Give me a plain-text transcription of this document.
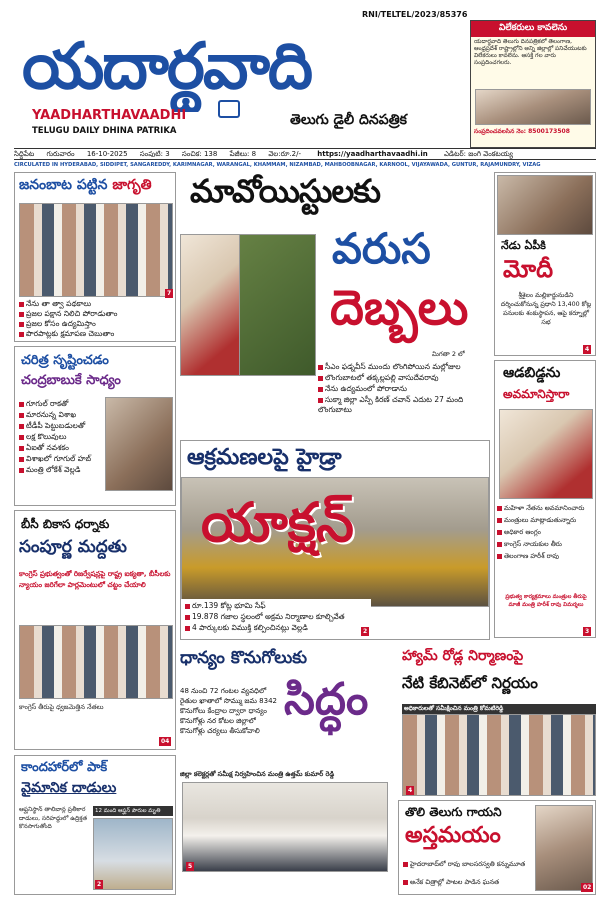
యదార్థవాది
RNI/TELTEL/2023/85376
YAADHARTHAVAADHI
TELUGU DAILY DHINA PATRIKA
తెలుగు డైలీ దినపత్రిక
విలేకరులు కావలెను
యదార్థవాది తెలుగు దినపత్రికలో తెలంగాణ, ఆంధ్రప్రదేశ్ రాష్ట్రాల్లోని అన్ని జిల్లాల్లో పనిచేయుటకు విలేకరులు కావలెను. ఆసక్తి గల వారు సంప్రదించగలరు.
సంప్రదించవలసిన నెం: 8500173508
సిద్దిపేట గురువారం 16-10-2025 సంపుటి: 3 సంచిక: 138 పేజీలు: 8 వెల:రూ.2/- https://yaadharthavaadhi.in ఎడిటర్: జంగి వెంకటయ్య
CIRCULATED IN HYDERABAD, SIDDIPET, SANGAREDDY, KARIMNAGAR, WARANGAL, KHAMMAM, NIZAMBAD, MAHBOOBNAGAR, KARNOOL, VIJAYAWADA, GUNTUR, RAJAMUNDRY, VIZAG
జనంబాట పట్టిన జాగృతి
7
నేను తా త్వా పథకాలు
ప్రజల పక్షాన నిలిచి పోరాడుతాం
ప్రజల కోసం ఉద్యమిస్తాం
పొరపాట్లకు క్షమాపణ చెబుతాం
చరిత్ర సృష్టించడం
చంద్రబాబుకే సాధ్యం
గూగుల్ రాకతో
మారనున్న విశాఖ
టీడీపీ పెట్టుబడులతో
లక్ష కొలువులు
ఏఐతో నవశకం
విశాఖలో గూగుల్ హబ్
మంత్రి లోకేశ్ వెల్లడి
బీసీ బికాస ధర్నాకు
సంపూర్ణ మద్దతు
కాంగ్రెస్ ప్రభుత్వంతో రిజర్వేషన్లపై రాష్ట్ర ఐక్యతా, బీసీలకు న్యాయం జరిగేలా పార్లమెంటులో చట్టం చేయాలి
కాంగ్రెస్ తీరుపై ధ్వజమెత్తిన నేతలు
04
కాందహార్‌లో పాక్
వైమానిక దాడులు
ఆఫ్ఘనిస్థాన్ తాలిబాన్ల ప్రతీకార దాడులు, సరిహద్దులో ఉద్రిక్తత కొనసాగుతోంది
12 మంది ఆఫ్ఘన్ పౌరుల మృతి
2
మావోయిస్టులకు
వరుస
దెబ్బలు
మిగతా 2 లో
సీఎం ఫడ్నవీస్ ముందు లొంగిపోయిన మల్లోజుల
లొంగుబాటలో తక్కల్లపల్లి వాసుదేవరావు
నేను ఉద్యమంలో పోరాడాను
సుక్మా జిల్లా ఎస్పీ కిరణ్ చవాన్ ఎదుట 27 మంది లొంగుబాటు
ఆక్రమణలపై హైడ్రా
యాక్షన్
రూ.139 కోట్ల భూమి సేఫ్
19.878 గజాల స్థలంలో అక్రమ నిర్మాణాల కూల్చివేత
4 పార్కులకు విముక్తి కల్పించినట్లు వెల్లడి	2
ధాన్యం కొనుగోలుకు
48 నుంచి 72 గంటల వ్యవధిలో రైతుల ఖాతాలో సొమ్ము జమ 8342 కొనుగోలు కేంద్రాల ద్వారా ధాన్యం కొనుగోళ్లు నర కోటల జిల్లాలో కొనుగోళ్లు చర్యలు తీసుకోవాలి
సిద్ధం
జిల్లా కలెక్టర్లతో సమీక్ష నిర్వహించిన మంత్రి ఉత్తమ్ కుమార్ రెడ్డి
5
హ్యామ్ రోడ్ల నిర్మాణంపై
నేటి కేబినెట్‌లో నిర్ణయం
అధికారులతో సమీక్షించిన మంత్రి కోమటిరెడ్డి
4
నేడు ఏపీకి
మోదీ
శ్రీశైలం మల్లికార్జునుడిని దర్శించుకోనున్న ప్రధాని 13,400 కోట్ల పనులకు శంకుస్థాపన, ఆపై కర్నూల్లో సభ
4
ఆడబిడ్డను
అవమానిస్తారా
మహిళా నేతను అవమానించారు
మంత్రులు మాట్లాడుతున్నారు
అధికార ఆంగ్లం
కాంగ్రెస్ నాయకుల తీరు
తెలంగాణ హరీశ్ రావు
ప్రభుత్వ కార్యక్రమాలు మంత్రుల తీరుపై మాజీ మంత్రి హరీశ్ రావు విమర్శలు
3
తొలి తెలుగు గాయని
అస్తమయం
హైదరాబాద్‌లో రావు బాలసరస్వతి కన్నుమూత
అనేక చిత్రాల్లో పాటల పాడిన ఘనత
02
